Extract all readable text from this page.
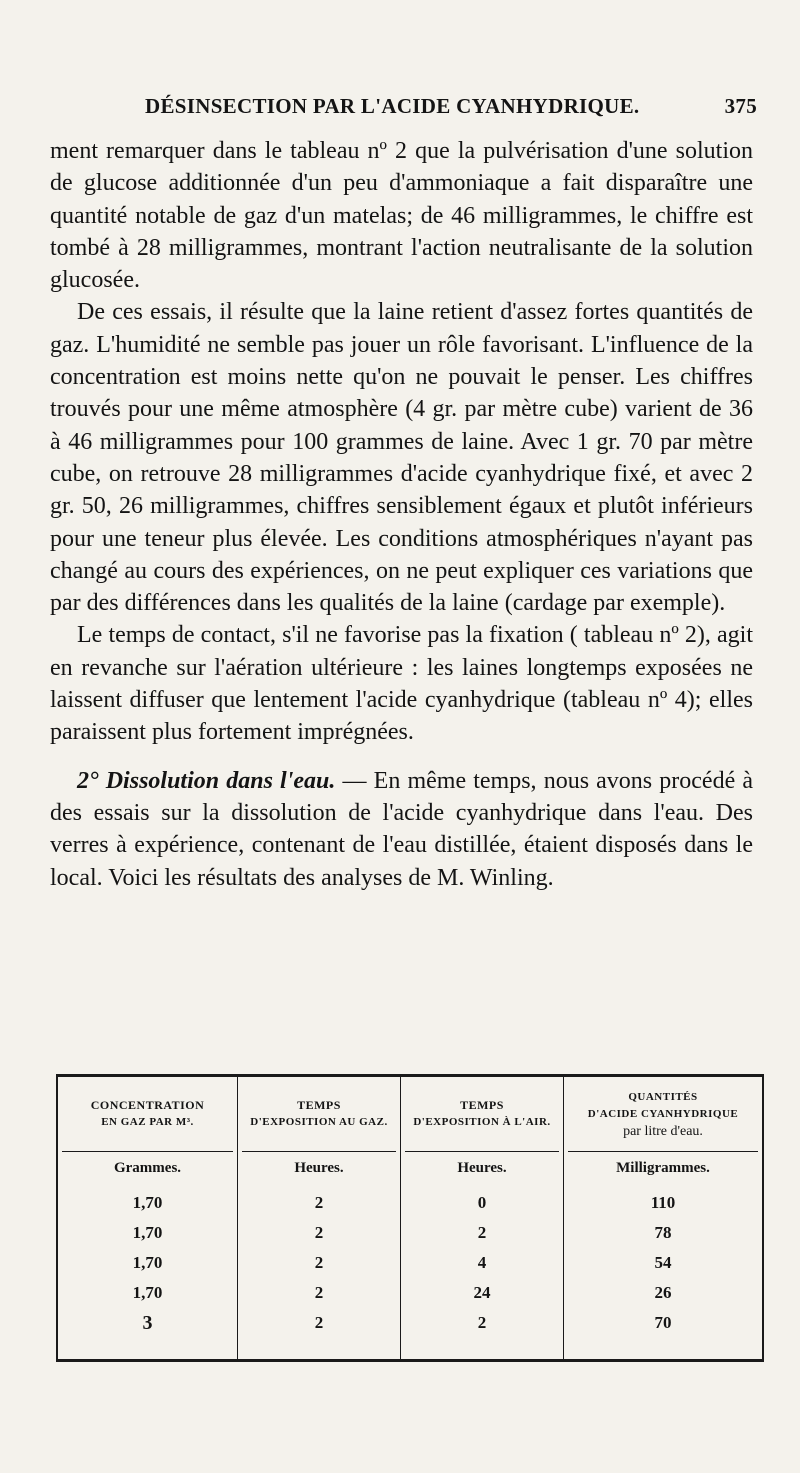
DÉSINSECTION PAR L'ACIDE CYANHYDRIQUE.	375

ment remarquer dans le tableau nº 2 que la pulvérisation d'une solution de glucose additionnée d'un peu d'ammoniaque a fait disparaître une quantité notable de gaz d'un matelas; de 46 milligrammes, le chiffre est tombé à 28 milligrammes, montrant l'action neutralisante de la solution glucosée.

De ces essais, il résulte que la laine retient d'assez fortes quantités de gaz. L'humidité ne semble pas jouer un rôle favorisant. L'influence de la concentration est moins nette qu'on ne pouvait le penser. Les chiffres trouvés pour une même atmosphère (4 gr. par mètre cube) varient de 36 à 46 milligrammes pour 100 grammes de laine. Avec 1 gr. 70 par mètre cube, on retrouve 28 milligrammes d'acide cyanhydrique fixé, et avec 2 gr. 50, 26 milligrammes, chiffres sensiblement égaux et plutôt inférieurs pour une teneur plus élevée. Les conditions atmosphériques n'ayant pas changé au cours des expériences, on ne peut expliquer ces variations que par des différences dans les qualités de la laine (cardage par exemple).

Le temps de contact, s'il ne favorise pas la fixation ( tableau nº 2), agit en revanche sur l'aération ultérieure : les laines longtemps exposées ne laissent diffuser que lentement l'acide cyanhydrique (tableau nº 4); elles paraissent plus fortement imprégnées.

2° Dissolution dans l'eau. — En même temps, nous avons procédé à des essais sur la dissolution de l'acide cyanhydrique dans l'eau. Des verres à expérience, contenant de l'eau distillée, étaient disposés dans le local. Voici les résultats des analyses de M. Winling.

CONCENTRATION
EN GAZ PAR M³.
Grammes.
1,70
1,70
1,70
1,70
3
TEMPS
D'EXPOSITION AU GAZ.
Heures.
2
2
2
2
2
TEMPS
D'EXPOSITION À L'AIR.
Heures.
0
2
4
24
2
QUANTITÉS
D'ACIDE CYANHYDRIQUE
par litre d'eau.
Milligrammes.
110
78
54
26
70
